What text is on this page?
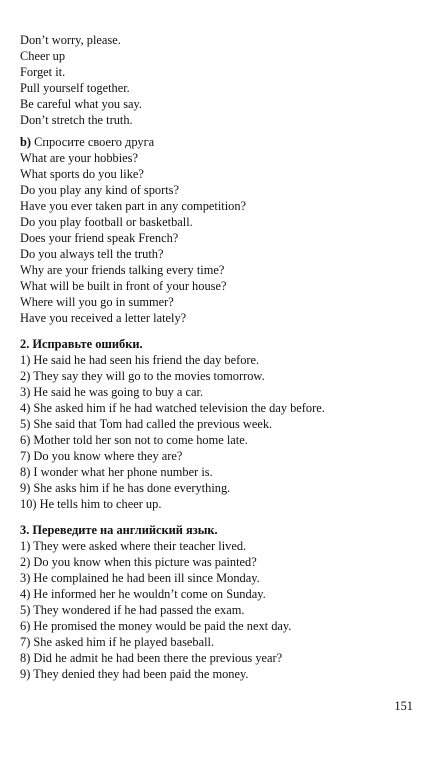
Don’t worry, please.
Cheer up
Forget it.
Pull yourself together.
Be careful what you say.
Don’t stretch the truth.
b) Спросите своего друга
What are your hobbies?
What sports do you like?
Do you play any kind of sports?
Have you ever taken part in any competition?
Do you play football or basketball.
Does your friend speak French?
Do you always tell the truth?
Why are your friends talking every time?
What will be built in front of your house?
Where will you go in summer?
Have you received a letter lately?
2. Исправьте ошибки.
1) He said he had seen his friend the day before.
2) They say they will go to the movies tomorrow.
3) He said he was going to buy a car.
4) She asked him if he had watched television the day before.
5) She said that Tom had called the previous week.
6) Mother told her son not to come home late.
7) Do you know where they are?
8) I wonder what her phone number is.
9) She asks him if he has done everything.
10) He tells him to cheer up.
3. Переведите на английский язык.
1) They were asked where their teacher lived.
2) Do you know when this picture was painted?
3) He complained he had been ill since Monday.
4) He informed her he wouldn’t come on Sunday.
5) They wondered if he had passed the exam.
6) He promised the money would be paid the next day.
7) She asked him if he played baseball.
8) Did he admit he had been there the previous year?
9) They denied they had been paid the money.
151
